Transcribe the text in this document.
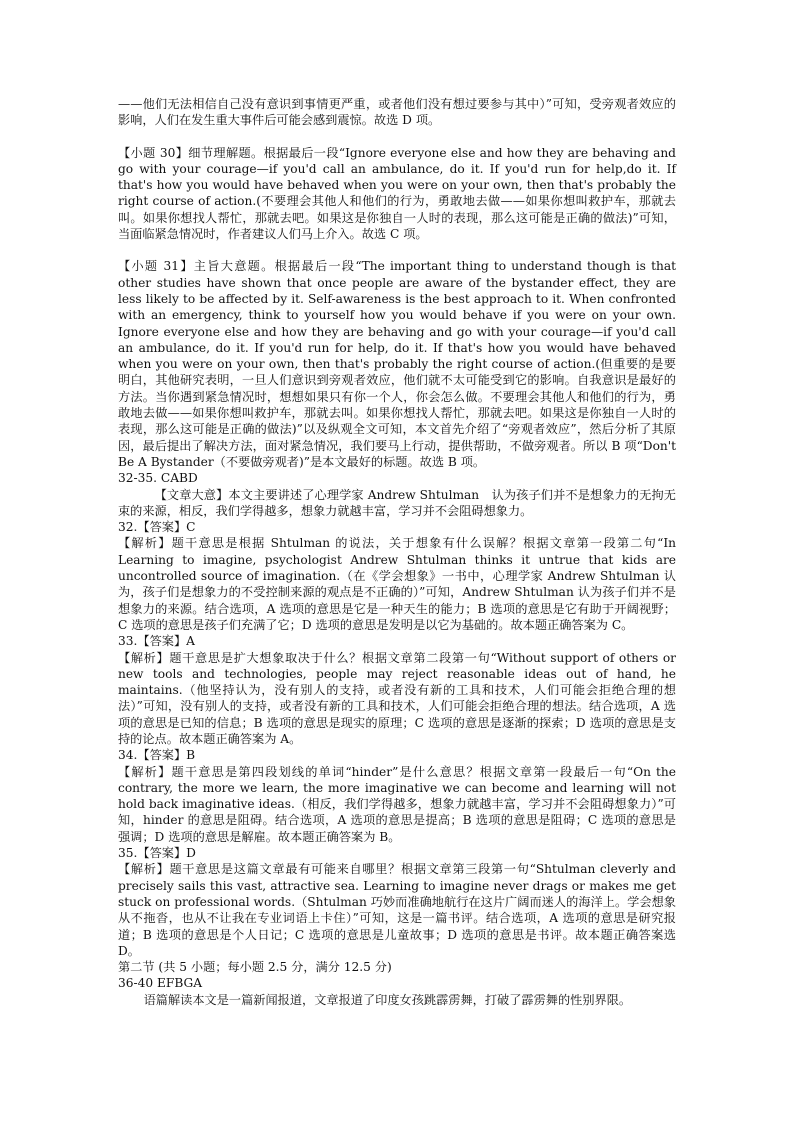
——他们无法相信自己没有意识到事情更严重，或者他们没有想过要参与其中）”可知，受旁观者效应的影响，人们在发生重大事件后可能会感到震惊。故选 D 项。

【小题 30】细节理解题。根据最后一段“Ignore everyone else and how they are behaving and go with your courage—if you'd call an ambulance, do it. If you'd run for help,do it. If that's how you would have behaved when you were on your own, then that's probably the right course of action.(不要理会其他人和他们的行为，勇敢地去做——如果你想叫救护车，那就去叫。如果你想找人帮忙，那就去吧。如果这是你独自一人时的表现，那么这可能是正确的做法)”可知，当面临紧急情况时，作者建议人们马上介入。故选 C 项。

【小题 31】主旨大意题。根据最后一段“The important thing to understand though is that other studies have shown that once people are aware of the bystander effect, they are less likely to be affected by it. Self-awareness is the best approach to it. When confronted with an emergency, think to yourself how you would behave if you were on your own. Ignore everyone else and how they are behaving and go with your courage—if you'd call an ambulance, do it. If you'd run for help, do it. If that's how you would have behaved when you were on your own, then that's probably the right course of action.(但重要的是要明白，其他研究表明，一旦人们意识到旁观者效应，他们就不太可能受到它的影响。自我意识是最好的方法。当你遇到紧急情况时，想想如果只有你一个人，你会怎么做。不要理会其他人和他们的行为，勇敢地去做——如果你想叫救护车，那就去叫。如果你想找人帮忙，那就去吧。如果这是你独自一人时的表现，那么这可能是正确的做法)”以及纵观全文可知，本文首先介绍了“旁观者效应”，然后分析了其原因，最后提出了解决方法，面对紧急情况，我们要马上行动，提供帮助，不做旁观者。所以 B 项“Don't Be A Bystander（不要做旁观者)”是本文最好的标题。故选 B 项。

32-35. CABD

【文章大意】本文主要讲述了心理学家 Andrew Shtulman　认为孩子们并不是想象力的无拘无束的来源，相反，我们学得越多，想象力就越丰富，学习并不会阻碍想象力。

32.【答案】C

【解析】题干意思是根据 Shtulman 的说法，关于想象有什么误解？根据文章第一段第二句“In Learning to imagine, psychologist Andrew Shtulman thinks it untrue that kids are uncontrolled source of imagination.（在《学会想象》一书中，心理学家 Andrew Shtulman 认为，孩子们是想象力的不受控制来源的观点是不正确的）”可知，Andrew Shtulman 认为孩子们并不是想象力的来源。结合选项，A 选项的意思是它是一种天生的能力；B 选项的意思是它有助于开阔视野；C 选项的意思是孩子们充满了它；D 选项的意思是发明是以它为基础的。故本题正确答案为 C。

33.【答案】A

【解析】题干意思是扩大想象取决于什么？根据文章第二段第一句“Without support of others or new tools and technologies, people may reject reasonable ideas out of hand, he maintains.（他坚持认为，没有别人的支持，或者没有新的工具和技术，人们可能会拒绝合理的想法）”可知，没有别人的支持，或者没有新的工具和技术，人们可能会拒绝合理的想法。结合选项，A 选项的意思是已知的信息；B 选项的意思是现实的原理；C 选项的意思是逐渐的探索；D 选项的意思是支持的论点。故本题正确答案为 A。

34.【答案】B

【解析】题干意思是第四段划线的单词“hinder”是什么意思？根据文章第一段最后一句“On the contrary, the more we learn, the more imaginative we can become and learning will not hold back imaginative ideas.（相反，我们学得越多，想象力就越丰富，学习并不会阻碍想象力）”可知，hinder 的意思是阻碍。结合选项，A 选项的意思是提高；B 选项的意思是阻碍；C 选项的意思是强调；D 选项的意思是解雇。故本题正确答案为 B。

35.【答案】D

【解析】题干意思是这篇文章最有可能来自哪里？根据文章第三段第一句“Shtulman cleverly and precisely sails this vast, attractive sea. Learning to imagine never drags or makes me get stuck on professional words.（Shtulman 巧妙而准确地航行在这片广阔而迷人的海洋上。学会想象从不拖沓，也从不让我在专业词语上卡住）”可知，这是一篇书评。结合选项，A 选项的意思是研究报道；B 选项的意思是个人日记；C 选项的意思是儿童故事；D 选项的意思是书评。故本题正确答案选 D。

第二节 (共 5 小题；每小题 2.5 分，满分 12.5 分)

36-40 EFBGA

语篇解读本文是一篇新闻报道，文章报道了印度女孩跳霹雳舞，打破了霹雳舞的性别界限。
